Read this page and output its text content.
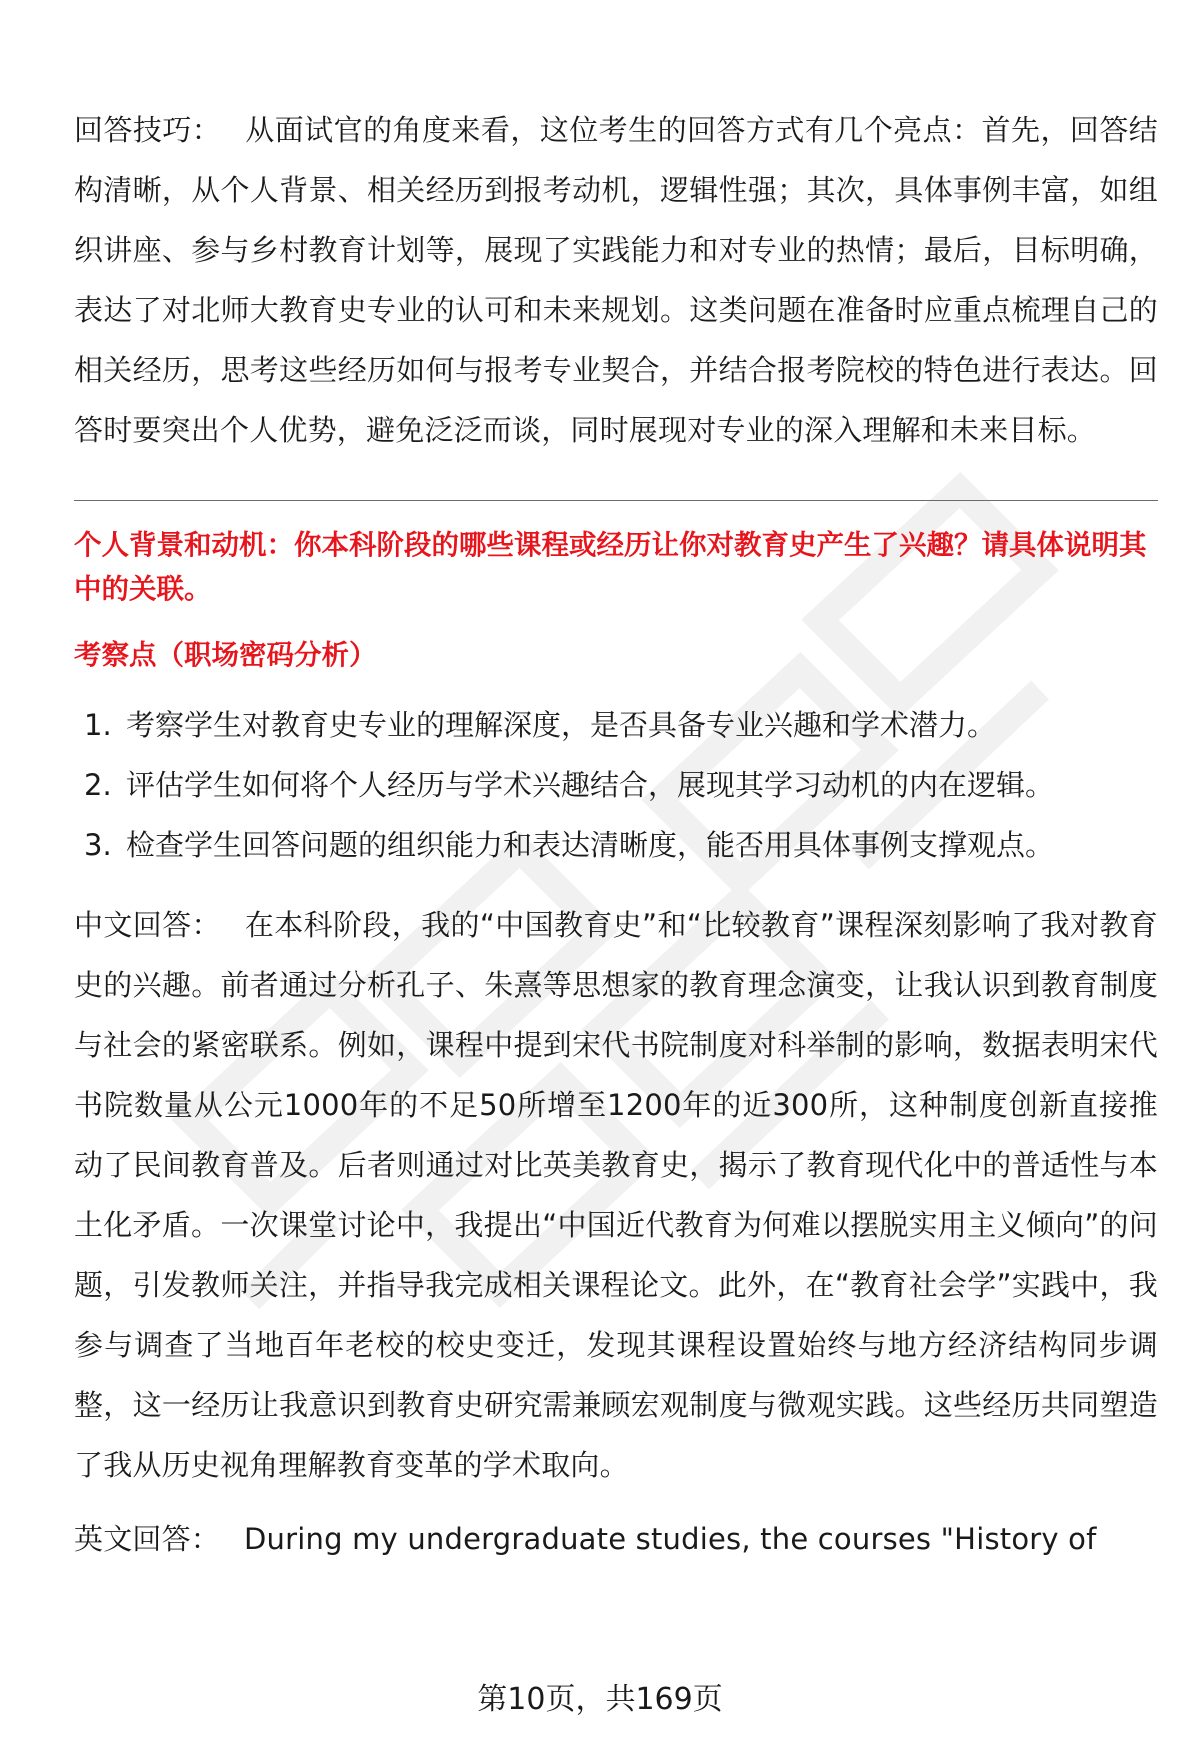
回答技巧： 从面试官的角度来看，这位考生的回答方式有几个亮点：首先，回答结构清晰，从个人背景、相关经历到报考动机，逻辑性强；其次，具体事例丰富，如组织讲座、参与乡村教育计划等，展现了实践能力和对专业的热情；最后，目标明确，表达了对北师大教育史专业的认可和未来规划。这类问题在准备时应重点梳理自己的相关经历，思考这些经历如何与报考专业契合，并结合报考院校的特色进行表达。回答时要突出个人优势，避免泛泛而谈，同时展现对专业的深入理解和未来目标。

个人背景和动机：你本科阶段的哪些课程或经历让你对教育史产生了兴趣？请具体说明其中的关联。

考察点（职场密码分析）

1. 考察学生对教育史专业的理解深度，是否具备专业兴趣和学术潜力。
2. 评估学生如何将个人经历与学术兴趣结合，展现其学习动机的内在逻辑。
3. 检查学生回答问题的组织能力和表达清晰度，能否用具体事例支撑观点。

中文回答： 在本科阶段，我的“中国教育史”和“比较教育”课程深刻影响了我对教育史的兴趣。前者通过分析孔子、朱熹等思想家的教育理念演变，让我认识到教育制度与社会的紧密联系。例如，课程中提到宋代书院制度对科举制的影响，数据表明宋代书院数量从公元1000年的不足50所增至1200年的近300所，这种制度创新直接推动了民间教育普及。后者则通过对比英美教育史，揭示了教育现代化中的普适性与本土化矛盾。一次课堂讨论中，我提出“中国近代教育为何难以摆脱实用主义倾向”的问题，引发教师关注，并指导我完成相关课程论文。此外，在“教育社会学”实践中，我参与调查了当地百年老校的校史变迁，发现其课程设置始终与地方经济结构同步调整，这一经历让我意识到教育史研究需兼顾宏观制度与微观实践。这些经历共同塑造了我从历史视角理解教育变革的学术取向。

英文回答： During my undergraduate studies, the courses "History of

第10页，共169页
